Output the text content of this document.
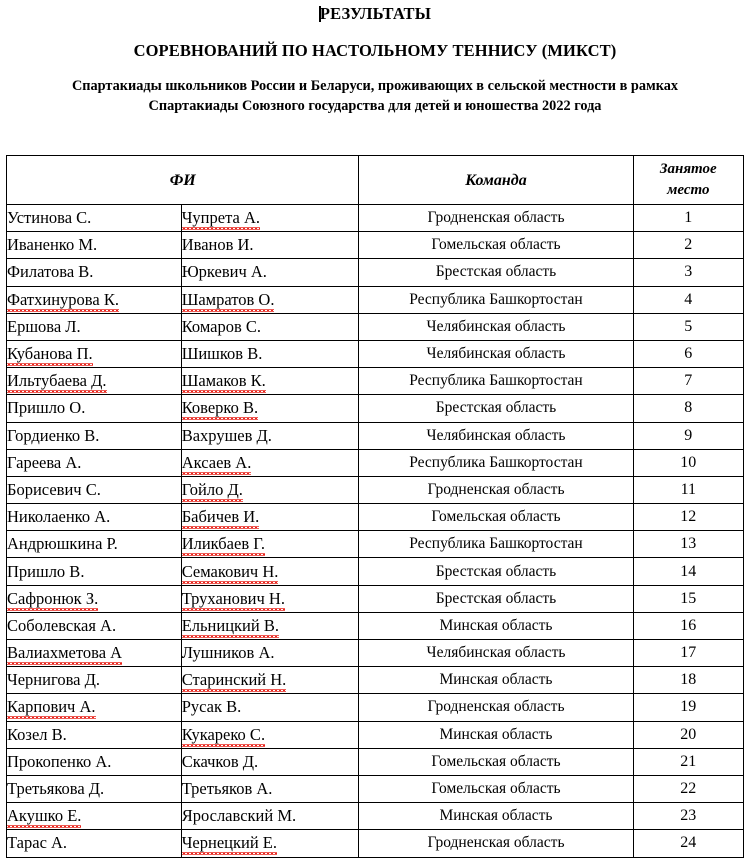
РЕЗУЛЬТАТЫ
СОРЕВНОВАНИЙ ПО НАСТОЛЬНОМУ ТЕННИСУ (МИКСТ)
Спартакиады школьников России и Беларуси, проживающих в сельской местности в рамках Спартакиады Союзного государства для детей и юношества 2022 года
ФИ		Команда	Занятое
место

Устинова С.	Чупрета А.	Гродненская область	1
Иваненко М.	Иванов И.	Гомельская область	2
Филатова В.	Юркевич А.	Брестская область	3
Фатхинурова К.	Шамратов О.	Республика Башкортостан	4
Ершова Л.	Комаров С.	Челябинская область	5
Кубанова П.	Шишков В.	Челябинская область	6
Ильтубаева Д.	Шамаков К.	Республика Башкортостан	7
Пришло О.	Коверко В.	Брестская область	8
Гордиенко В.	Вахрушев Д.	Челябинская область	9
Гареева А.	Аксаев А.	Республика Башкортостан	10
Борисевич С.	Гойло Д.	Гродненская область	11
Николаенко А.	Бабичев И.	Гомельская область	12
Андрюшкина Р.	Иликбаев Г.	Республика Башкортостан	13
Пришло В.	Семакович Н.	Брестская область	14
Сафронюк З.	Труханович Н.	Брестская область	15
Соболевская А.	Ельницкий В.	Минская область	16
Валиахметова А	Лушников А.	Челябинская область	17
Чернигова Д.	Старинский Н.	Минская область	18
Карпович А.	Русак В.	Гродненская область	19
Козел В.	Кукареко С.	Минская область	20
Прокопенко А.	Скачков Д.	Гомельская область	21
Третьякова Д.	Третьяков А.	Гомельская область	22
Акушко Е.	Ярославский М.	Минская область	23
Тарас А.	Чернецкий Е.	Гродненская область	24
